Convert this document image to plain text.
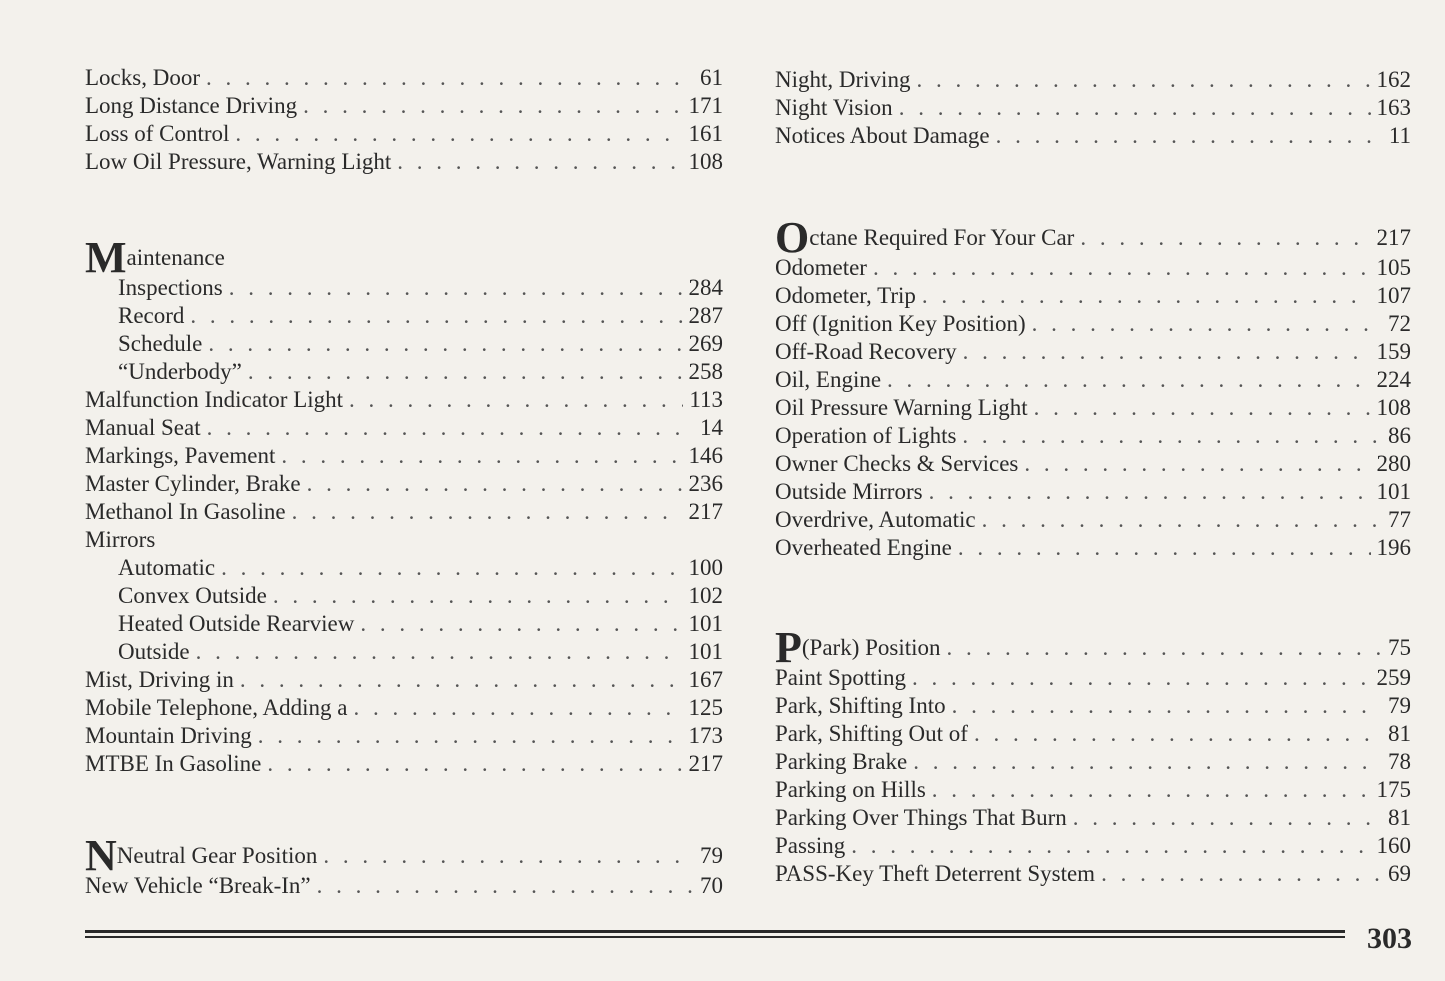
Locks, Door . . .	61
Long Distance Driving . . .	171
Loss of Control . . .	161
Low Oil Pressure, Warning Light . . .	108
M aintenance
Inspections . . .	284
Record . . .	287
Schedule . . .	269
“Underbody” . . .	258
Malfunction Indicator Light . . .	113
Manual Seat . . .	14
Markings, Pavement . . .	146
Master Cylinder, Brake . . .	236
Methanol In Gasoline . . .	217
Mirrors
Automatic . . .	100
Convex Outside . . .	102
Heated Outside Rearview . . .	101
Outside . . .	101
Mist, Driving in . . .	167
Mobile Telephone, Adding a . . .	125
Mountain Driving . . .	173
MTBE In Gasoline . . .	217
N Neutral Gear Position . . .	79
New Vehicle “Break-In” . . .	70
Night, Driving . . .	162
Night Vision . . .	163
Notices About Damage . . .	11
O ctane Required For Your Car . . .	217
Odometer . . .	105
Odometer, Trip . . .	107
Off (Ignition Key Position) . . .	72
Off-Road Recovery . . .	159
Oil, Engine . . .	224
Oil Pressure Warning Light . . .	108
Operation of Lights . . .	86
Owner Checks & Services . . .	280
Outside Mirrors . . .	101
Overdrive, Automatic . . .	77
Overheated Engine . . .	196
P (Park) Position . . .	75
Paint Spotting . . .	259
Park, Shifting Into . . .	79
Park, Shifting Out of . . .	81
Parking Brake . . .	78
Parking on Hills . . .	175
Parking Over Things That Burn . . .	81
Passing . . .	160
PASS-Key Theft Deterrent System . . .	69
303
